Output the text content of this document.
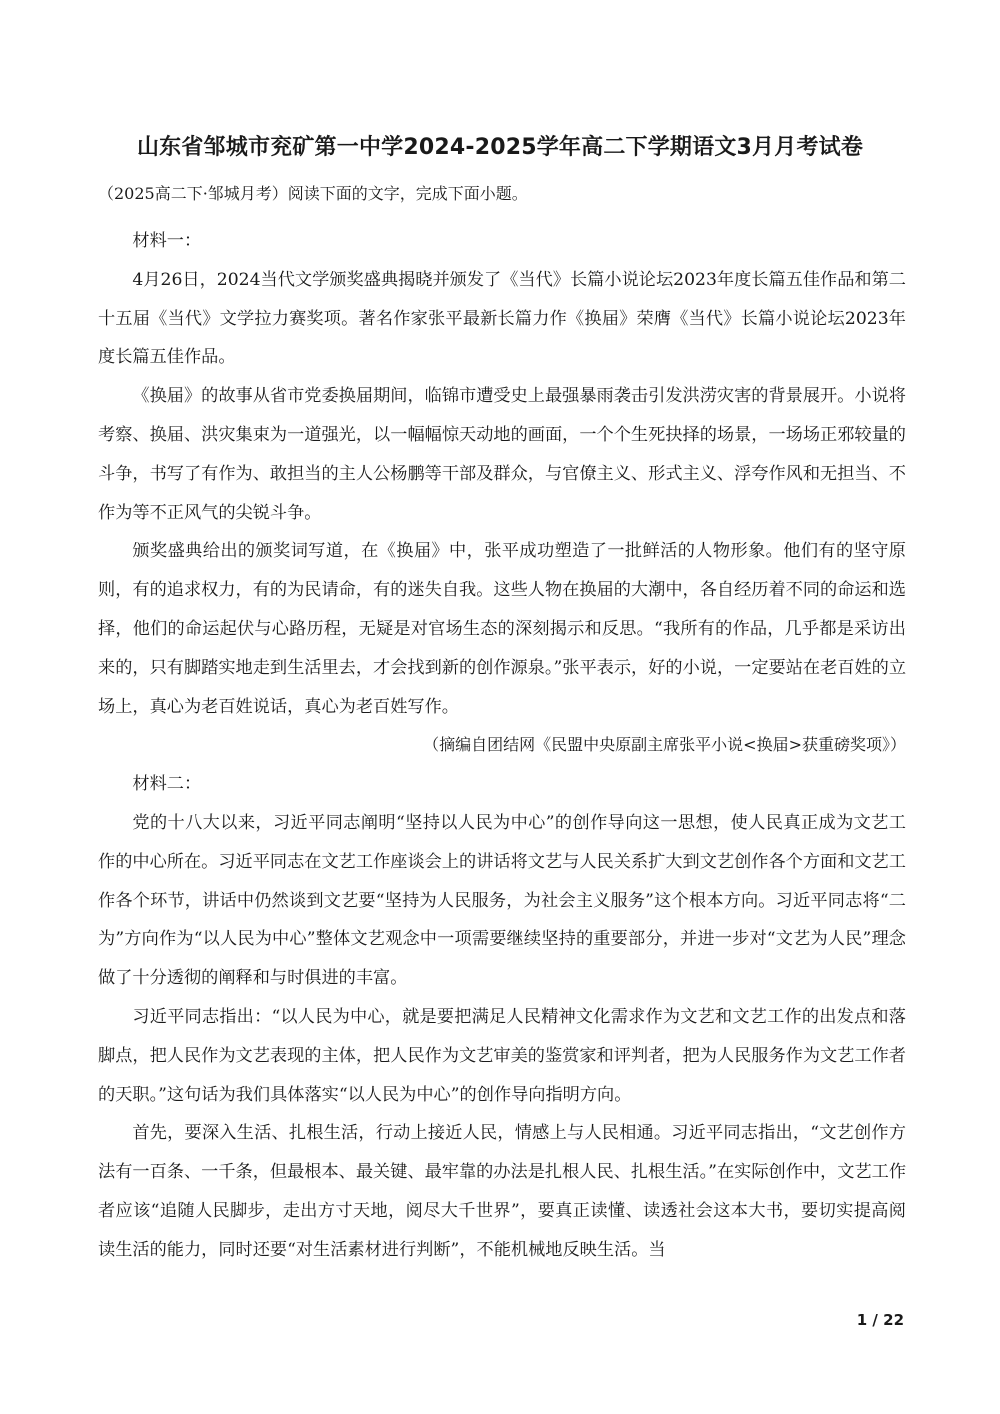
山东省邹城市兖矿第一中学2024-2025学年高二下学期语文3月月考试卷
（2025高二下·邹城月考）阅读下面的文字，完成下面小题。

材料一：

4月26日，2024当代文学颁奖盛典揭晓并颁发了《当代》长篇小说论坛2023年度长篇五佳作品和第二十五届《当代》文学拉力赛奖项。著名作家张平最新长篇力作《换届》荣膺《当代》长篇小说论坛2023年度长篇五佳作品。

《换届》的故事从省市党委换届期间，临锦市遭受史上最强暴雨袭击引发洪涝灾害的背景展开。小说将考察、换届、洪灾集束为一道强光，以一幅幅惊天动地的画面，一个个生死抉择的场景，一场场正邪较量的斗争，书写了有作为、敢担当的主人公杨鹏等干部及群众，与官僚主义、形式主义、浮夸作风和无担当、不作为等不正风气的尖锐斗争。

颁奖盛典给出的颁奖词写道，在《换届》中，张平成功塑造了一批鲜活的人物形象。他们有的坚守原则，有的追求权力，有的为民请命，有的迷失自我。这些人物在换届的大潮中，各自经历着不同的命运和选择，他们的命运起伏与心路历程，无疑是对官场生态的深刻揭示和反思。“我所有的作品，几乎都是采访出来的，只有脚踏实地走到生活里去，才会找到新的创作源泉。”张平表示，好的小说，一定要站在老百姓的立场上，真心为老百姓说话，真心为老百姓写作。

（摘编自团结网《民盟中央原副主席张平小说<换届>获重磅奖项》）

材料二：

党的十八大以来，习近平同志阐明“坚持以人民为中心”的创作导向这一思想，使人民真正成为文艺工作的中心所在。习近平同志在文艺工作座谈会上的讲话将文艺与人民关系扩大到文艺创作各个方面和文艺工作各个环节，讲话中仍然谈到文艺要“坚持为人民服务，为社会主义服务”这个根本方向。习近平同志将“二为”方向作为“以人民为中心”整体文艺观念中一项需要继续坚持的重要部分，并进一步对“文艺为人民”理念做了十分透彻的阐释和与时俱进的丰富。

习近平同志指出：“以人民为中心，就是要把满足人民精神文化需求作为文艺和文艺工作的出发点和落脚点，把人民作为文艺表现的主体，把人民作为文艺审美的鉴赏家和评判者，把为人民服务作为文艺工作者的天职。”这句话为我们具体落实“以人民为中心”的创作导向指明方向。

首先，要深入生活、扎根生活，行动上接近人民，情感上与人民相通。习近平同志指出，“文艺创作方法有一百条、一千条，但最根本、最关键、最牢靠的办法是扎根人民、扎根生活。”在实际创作中，文艺工作者应该“追随人民脚步，走出方寸天地，阅尽大千世界”，要真正读懂、读透社会这本大书，要切实提高阅读生活的能力，同时还要“对生活素材进行判断”，不能机械地反映生活。当

1 / 22
